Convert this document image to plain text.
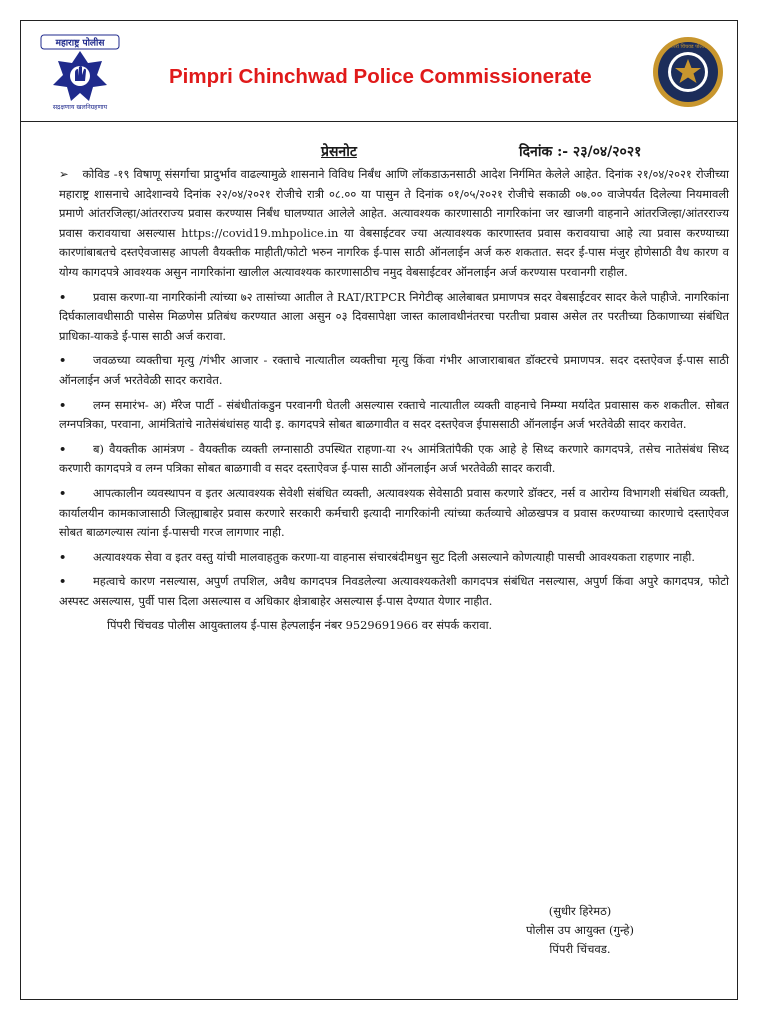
महाराष्ट्र पोलीस
सद्रक्षणाय खलनिग्रहणाय
Pimpri Chinchwad Police Commissionerate
पिंपरी चिंचवड पोलीस
प्रेसनोट	दिनांक :- २३/०४/२०२१

➢ कोविड -१९ विषाणू संसर्गाचा प्रादुर्भाव वाढल्यामुळे शासनाने विविध निर्बंध आणि लॉकडाऊनसाठी आदेश निर्गमित केलेले आहेत. दिनांक २१/०४/२०२१ रोजीच्या महाराष्ट्र शासनाचे आदेशान्वये दिनांक २२/०४/२०२१ रोजीचे रात्री ०८.०० या पासुन ते दिनांक ०१/०५/२०२१ रोजीचे सकाळी ०७.०० वाजेपर्यत दिलेल्या नियमावली प्रमाणे आंतरजिल्हा/आंतरराज्य प्रवास करण्यास निर्बंध घालण्यात आलेले आहेत. अत्यावश्यक कारणासाठी नागरिकांना जर खाजगी वाहनाने आंतरजिल्हा/आंतरराज्य प्रवास करावयाचा असल्यास https://covid19.mhpolice.in या वेबसाईटवर ज्या अत्यावश्यक कारणास्तव प्रवास करावयाचा आहे त्या प्रवास करण्याच्या कारणांबाबतचे दस्तऐवजासह आपली वैयक्तीक माहीती/फोटो भरुन नागरिक ई-पास साठी ऑनलाईन अर्ज करु शकतात. सदर ई-पास मंजुर होणेसाठी वैध कारण व योग्य कागदपत्रे आवश्यक असुन नागरिकांना खालील अत्यावश्यक कारणासाठीच नमुद वेबसाईटवर ऑनलाईन अर्ज करण्यास परवानगी राहील.

• प्रवास करणा-या नागरिकांनी त्यांच्या ७२ तासांच्या आतील ते RAT/RTPCR निगेटीव्ह आलेबाबत प्रमाणपत्र सदर वेबसाईटवर सादर केले पाहीजे. नागरिकांना दिर्घकालावधीसाठी पासेस मिळणेस प्रतिबंध करण्यात आला असुन ०३ दिवसापेक्षा जास्त कालावधीनंतरचा परतीचा प्रवास असेल तर परतीच्या ठिकाणाच्या संबंधित प्राधिका-याकडे ई-पास साठी अर्ज करावा.

• जवळच्या व्यक्तीचा मृत्यु /गंभीर आजार - रक्ताचे नात्यातील व्यक्तीचा मृत्यु किंवा गंभीर आजाराबाबत डॉक्टरचे प्रमाणपत्र. सदर दस्तऐवज ई-पास साठी ऑनलाईन अर्ज भरतेवेळी सादर करावेत.

• लग्न समारंभ- अ) मॅरेज पार्टी - संबंधीतांकडुन परवानगी घेतली असल्यास रक्ताचे नात्यातील व्यक्ती वाहनाचे निम्म्या मर्यादेत प्रवासास करु शकतील. सोबत लग्नपत्रिका, परवाना, आमंत्रितांचे नातेसंबंधांसह यादी इ. कागदपत्रे सोबत बाळगावीत व सदर दस्तऐवज ईपाससाठी ऑनलाईन अर्ज भरतेवेळी सादर करावेत.

• ब) वैयक्तीक आमंत्रण - वैयक्तीक व्यक्ती लग्नासाठी उपस्थित राहणा-या २५ आमंत्रितांपैकी एक आहे हे सिध्द करणारे कागदपत्रे, तसेच नातेसंबंध सिध्द करणारी कागदपत्रे व लग्न पत्रिका सोबत बाळगावी व सदर दस्ताऐवज ई-पास साठी ऑनलाईन अर्ज भरतेवेळी सादर करावी.

• आपत्कालीन व्यवस्थापन व इतर अत्यावश्यक सेवेशी संबंधित व्यक्ती, अत्यावश्यक सेवेसाठी प्रवास करणारे डॉक्टर, नर्स व आरोग्य विभागशी संबंधित व्यक्ती, कार्यालयीन कामकाजासाठी जिल्ह्याबाहेर प्रवास करणारे सरकारी कर्मचारी इत्यादी नागरिकांनी त्यांच्या कर्तव्याचे ओळखपत्र व प्रवास करण्याच्या कारणाचे दस्ताऐवज सोबत बाळगल्यास त्यांना ई-पासची गरज लागणार नाही.

• अत्यावश्यक सेवा व इतर वस्तु यांची मालवाहतुक करणा-या वाहनास संचारबंदीमधुन सुट दिली असल्याने कोणत्याही पासची आवश्यकता राहणार नाही.

• महत्वाचे कारण नसल्यास, अपुर्ण तपशिल, अवैध कागदपत्र निवडलेल्या अत्यावश्यकतेशी कागदपत्र संबंधित नसल्यास, अपुर्ण किंवा अपुरे कागदपत्र, फोटो अस्पस्ट असल्यास, पुर्वी पास दिला असल्यास व अधिकार क्षेत्राबाहेर असल्यास ई-पास देण्यात येणार नाहीत.

पिंपरी चिंचवड पोलीस आयुक्तालय ई-पास हेल्पलाईन नंबर 9529691966 वर संपर्क करावा.

(सुधीर हिरेमठ)
पोलीस उप आयुक्त (गुन्हे)
पिंपरी चिंचवड.
